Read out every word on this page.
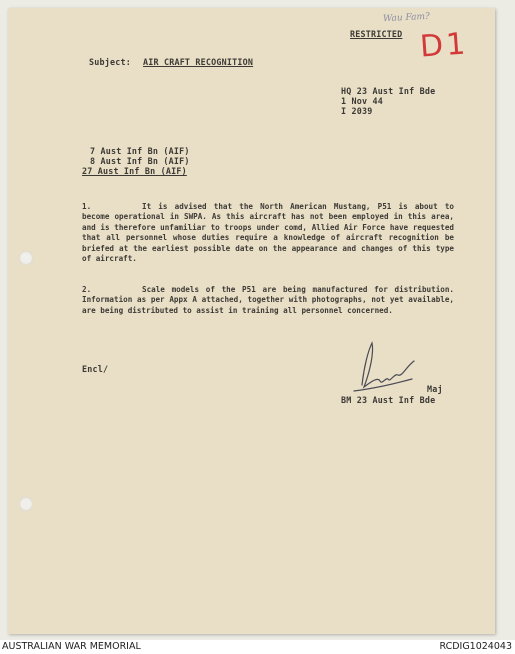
Wau Fam?
RESTRICTED D1
Subject: AIR CRAFT RECOGNITION
HQ 23 Aust Inf Bde
1 Nov 44
I 2039
7 Aust Inf Bn (AIF)
8 Aust Inf Bn (AIF)
27 Aust Inf Bn (AIF)

1.	It is advised that the North American Mustang, P51 is about to become operational in SWPA. As this aircraft has not been employed in this area, and is therefore unfamiliar to troops under comd, Allied Air Force have requested that all personnel whose duties require a knowledge of aircraft recognition be briefed at the earliest possible date on the appearance and changes of this type of aircraft.

2.	Scale models of the P51 are being manufactured for distribution. Information as per Appx A attached, together with photographs, not yet available, are being distributed to assist in training all personnel concerned.

Encl/
Maj
BM 23 Aust Inf Bde
AUSTRALIAN WAR MEMORIAL	RCDIG1024043
